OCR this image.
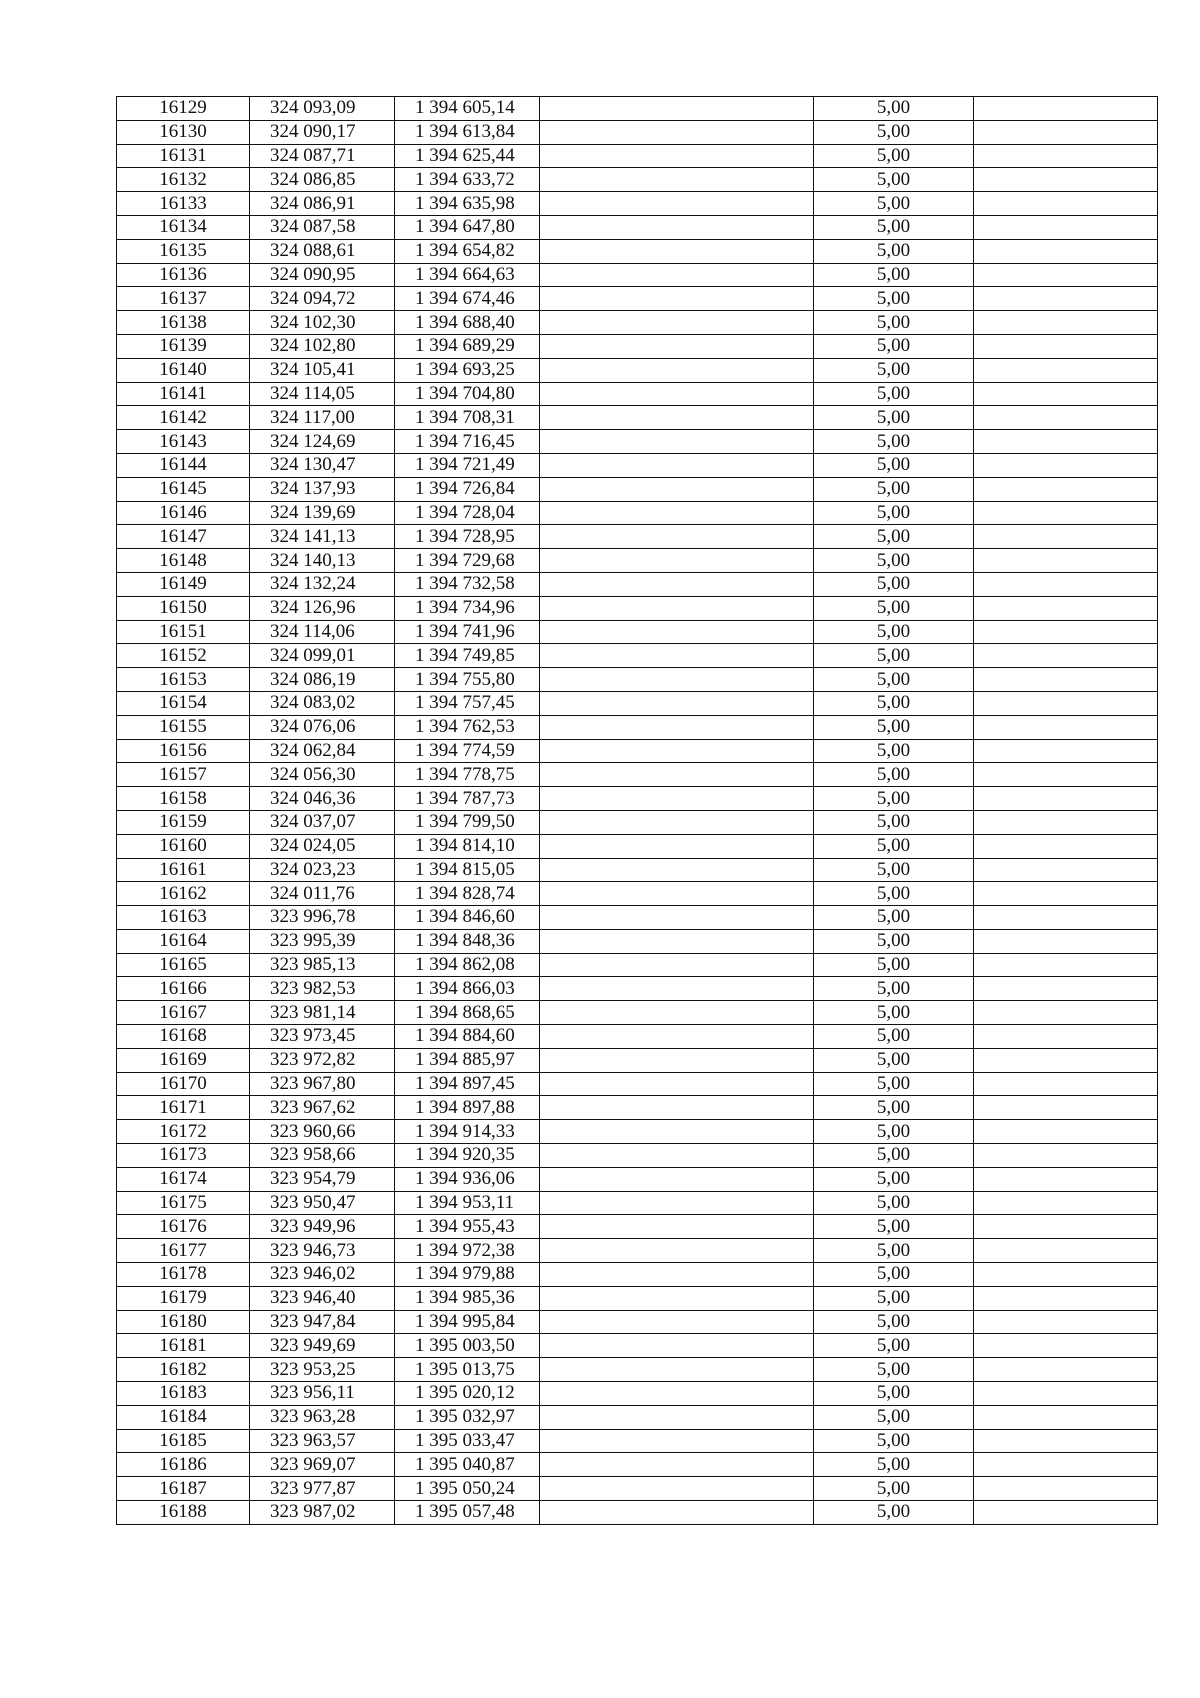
16129	324 093,09	1 394 605,14		5,00	
16130	324 090,17	1 394 613,84		5,00	
16131	324 087,71	1 394 625,44		5,00	
16132	324 086,85	1 394 633,72		5,00	
16133	324 086,91	1 394 635,98		5,00	
16134	324 087,58	1 394 647,80		5,00	
16135	324 088,61	1 394 654,82		5,00	
16136	324 090,95	1 394 664,63		5,00	
16137	324 094,72	1 394 674,46		5,00	
16138	324 102,30	1 394 688,40		5,00	
16139	324 102,80	1 394 689,29		5,00	
16140	324 105,41	1 394 693,25		5,00	
16141	324 114,05	1 394 704,80		5,00	
16142	324 117,00	1 394 708,31		5,00	
16143	324 124,69	1 394 716,45		5,00	
16144	324 130,47	1 394 721,49		5,00	
16145	324 137,93	1 394 726,84		5,00	
16146	324 139,69	1 394 728,04		5,00	
16147	324 141,13	1 394 728,95		5,00	
16148	324 140,13	1 394 729,68		5,00	
16149	324 132,24	1 394 732,58		5,00	
16150	324 126,96	1 394 734,96		5,00	
16151	324 114,06	1 394 741,96		5,00	
16152	324 099,01	1 394 749,85		5,00	
16153	324 086,19	1 394 755,80		5,00	
16154	324 083,02	1 394 757,45		5,00	
16155	324 076,06	1 394 762,53		5,00	
16156	324 062,84	1 394 774,59		5,00	
16157	324 056,30	1 394 778,75		5,00	
16158	324 046,36	1 394 787,73		5,00	
16159	324 037,07	1 394 799,50		5,00	
16160	324 024,05	1 394 814,10		5,00	
16161	324 023,23	1 394 815,05		5,00	
16162	324 011,76	1 394 828,74		5,00	
16163	323 996,78	1 394 846,60		5,00	
16164	323 995,39	1 394 848,36		5,00	
16165	323 985,13	1 394 862,08		5,00	
16166	323 982,53	1 394 866,03		5,00	
16167	323 981,14	1 394 868,65		5,00	
16168	323 973,45	1 394 884,60		5,00	
16169	323 972,82	1 394 885,97		5,00	
16170	323 967,80	1 394 897,45		5,00	
16171	323 967,62	1 394 897,88		5,00	
16172	323 960,66	1 394 914,33		5,00	
16173	323 958,66	1 394 920,35		5,00	
16174	323 954,79	1 394 936,06		5,00	
16175	323 950,47	1 394 953,11		5,00	
16176	323 949,96	1 394 955,43		5,00	
16177	323 946,73	1 394 972,38		5,00	
16178	323 946,02	1 394 979,88		5,00	
16179	323 946,40	1 394 985,36		5,00	
16180	323 947,84	1 394 995,84		5,00	
16181	323 949,69	1 395 003,50		5,00	
16182	323 953,25	1 395 013,75		5,00	
16183	323 956,11	1 395 020,12		5,00	
16184	323 963,28	1 395 032,97		5,00	
16185	323 963,57	1 395 033,47		5,00	
16186	323 969,07	1 395 040,87		5,00	
16187	323 977,87	1 395 050,24		5,00	
16188	323 987,02	1 395 057,48		5,00	
